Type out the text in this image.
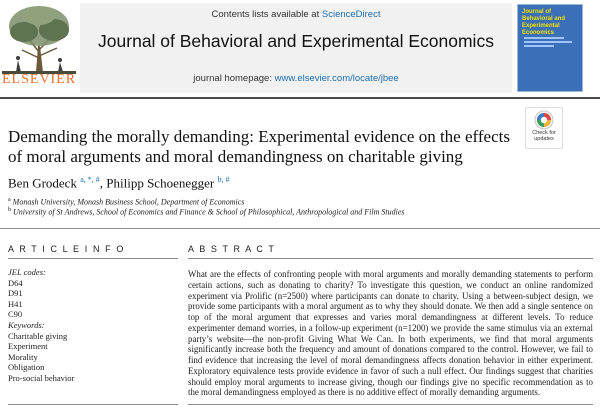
ELSEVIER
Contents lists available at ScienceDirect
Journal of Behavioral and Experimental Economics
journal homepage: www.elsevier.com/locate/jbee
Journal of Behavioral and Experimental Economics
Demanding the morally demanding: Experimental evidence on the effects of moral arguments and moral demandingness on charitable giving
Check for updates
Ben Grodeck $^{a, *, \#}$, Philipp Schoenegger $^{b, \#}$
$^a$ Monash University, Monash Business School, Department of Economics
$^b$ University of St Andrews, School of Economics and Finance & School of Philosophical, Anthropological and Film Studies
A R T I C L E I N F O
JEL codes:
D64
D91
H41
C90
Keywords:
Charitable giving
Experiment
Morality
Obligation
Pro-social behavior
A B S T R A C T
What are the effects of confronting people with moral arguments and morally demanding statements to perform certain actions, such as donating to charity? To investigate this question, we conduct an online randomized experiment via Prolific (n=2500) where participants can donate to charity. Using a between-subject design, we provide some participants with a moral argument as to why they should donate. We then add a single sentence on top of the moral argument that expresses and varies moral demandingness at different levels. To reduce experimenter demand worries, in a follow-up experiment (n=1200) we provide the same stimulus via an external party’s website—the non-profit Giving What We Can. In both experiments, we find that moral arguments significantly increase both the frequency and amount of donations compared to the control. However, we fail to find evidence that increasing the level of moral demandingness affects donation behavior in either experiment. Exploratory equivalence tests provide evidence in favor of such a null effect. Our findings suggest that charities should employ moral arguments to increase giving, though our findings give no specific recommendation as to the moral demandingness employed as there is no additive effect of morally demanding arguments.
